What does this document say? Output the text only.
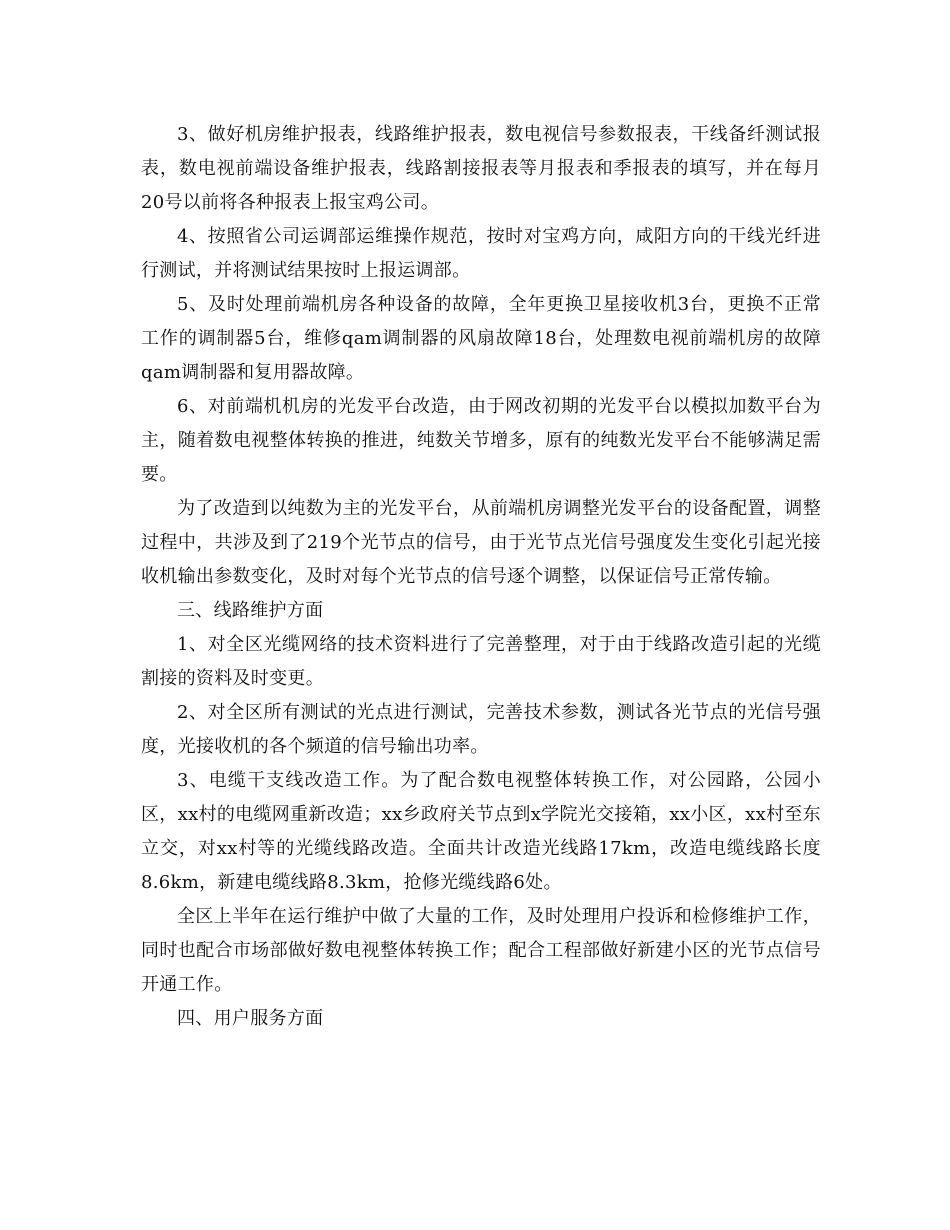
3、做好机房维护报表，线路维护报表，数电视信号参数报表，干线备纤测试报表，数电视前端设备维护报表，线路割接报表等月报表和季报表的填写，并在每月20号以前将各种报表上报宝鸡公司。

4、按照省公司运调部运维操作规范，按时对宝鸡方向，咸阳方向的干线光纤进行测试，并将测试结果按时上报运调部。

5、及时处理前端机房各种设备的故障，全年更换卫星接收机3台，更换不正常工作的调制器5台，维修qam调制器的风扇故障18台，处理数电视前端机房的故障qam调制器和复用器故障。

6、对前端机机房的光发平台改造，由于网改初期的光发平台以模拟加数平台为主，随着数电视整体转换的推进，纯数关节增多，原有的纯数光发平台不能够满足需要。

为了改造到以纯数为主的光发平台，从前端机房调整光发平台的设备配置，调整过程中，共涉及到了219个光节点的信号，由于光节点光信号强度发生变化引起光接收机输出参数变化，及时对每个光节点的信号逐个调整，以保证信号正常传输。

三、线路维护方面

1、对全区光缆网络的技术资料进行了完善整理，对于由于线路改造引起的光缆割接的资料及时变更。

2、对全区所有测试的光点进行测试，完善技术参数，测试各光节点的光信号强度，光接收机的各个频道的信号输出功率。

3、电缆干支线改造工作。为了配合数电视整体转换工作，对公园路，公园小区，xx村的电缆网重新改造；xx乡政府关节点到x学院光交接箱，xx小区，xx村至东立交，对xx村等的光缆线路改造。全面共计改造光线路17km，改造电缆线路长度8.6km，新建电缆线路8.3km，抢修光缆线路6处。

全区上半年在运行维护中做了大量的工作，及时处理用户投诉和检修维护工作，同时也配合市场部做好数电视整体转换工作；配合工程部做好新建小区的光节点信号开通工作。

四、用户服务方面
